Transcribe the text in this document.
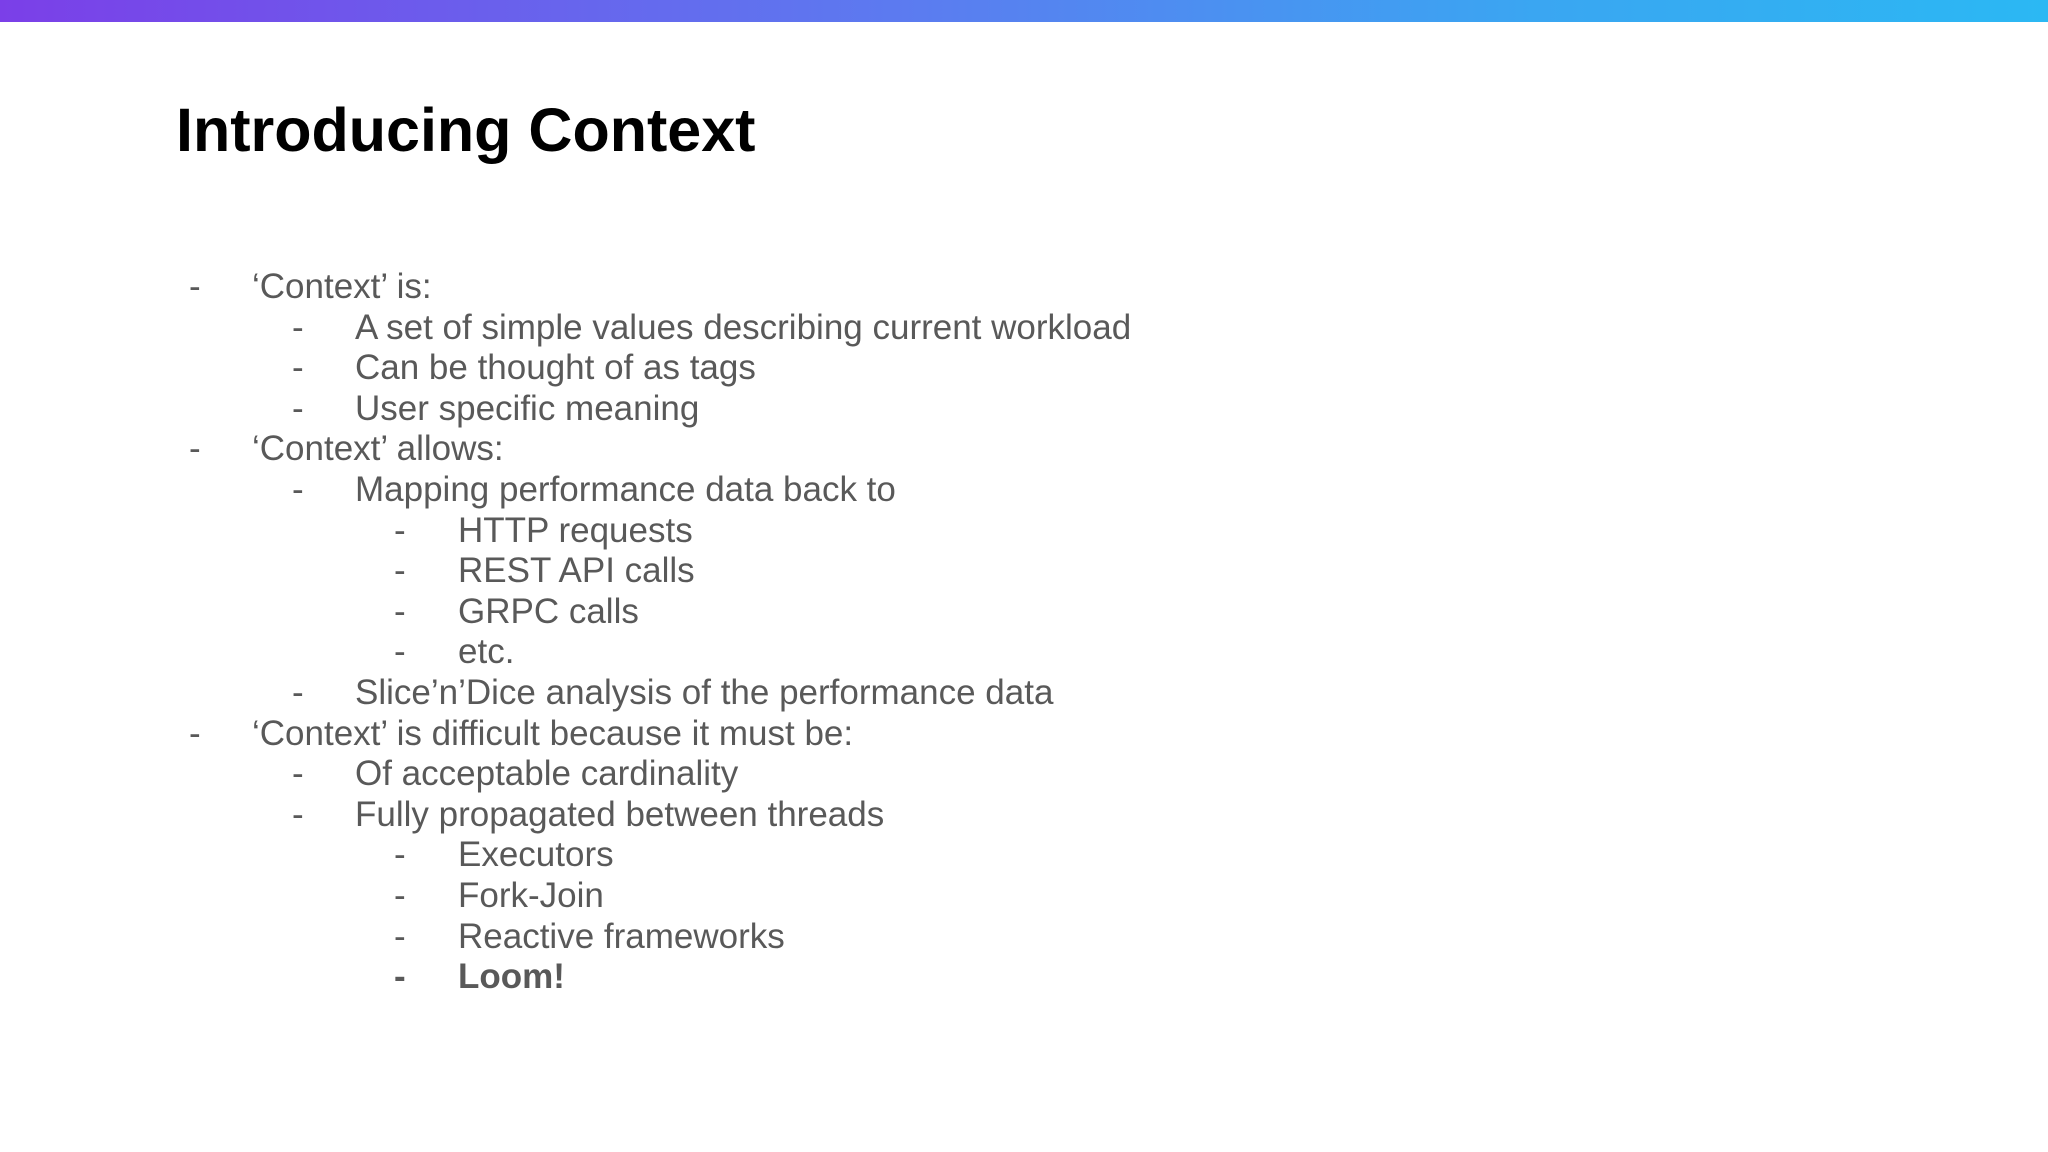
Introducing Context
- ‘Context’ is:
- A set of simple values describing current workload
- Can be thought of as tags
- User specific meaning
- ‘Context’ allows:
- Mapping performance data back to
- HTTP requests
- REST API calls
- GRPC calls
- etc.
- Slice’n’Dice analysis of the performance data
- ‘Context’ is difficult because it must be:
- Of acceptable cardinality
- Fully propagated between threads
- Executors
- Fork-Join
- Reactive frameworks
- Loom!
